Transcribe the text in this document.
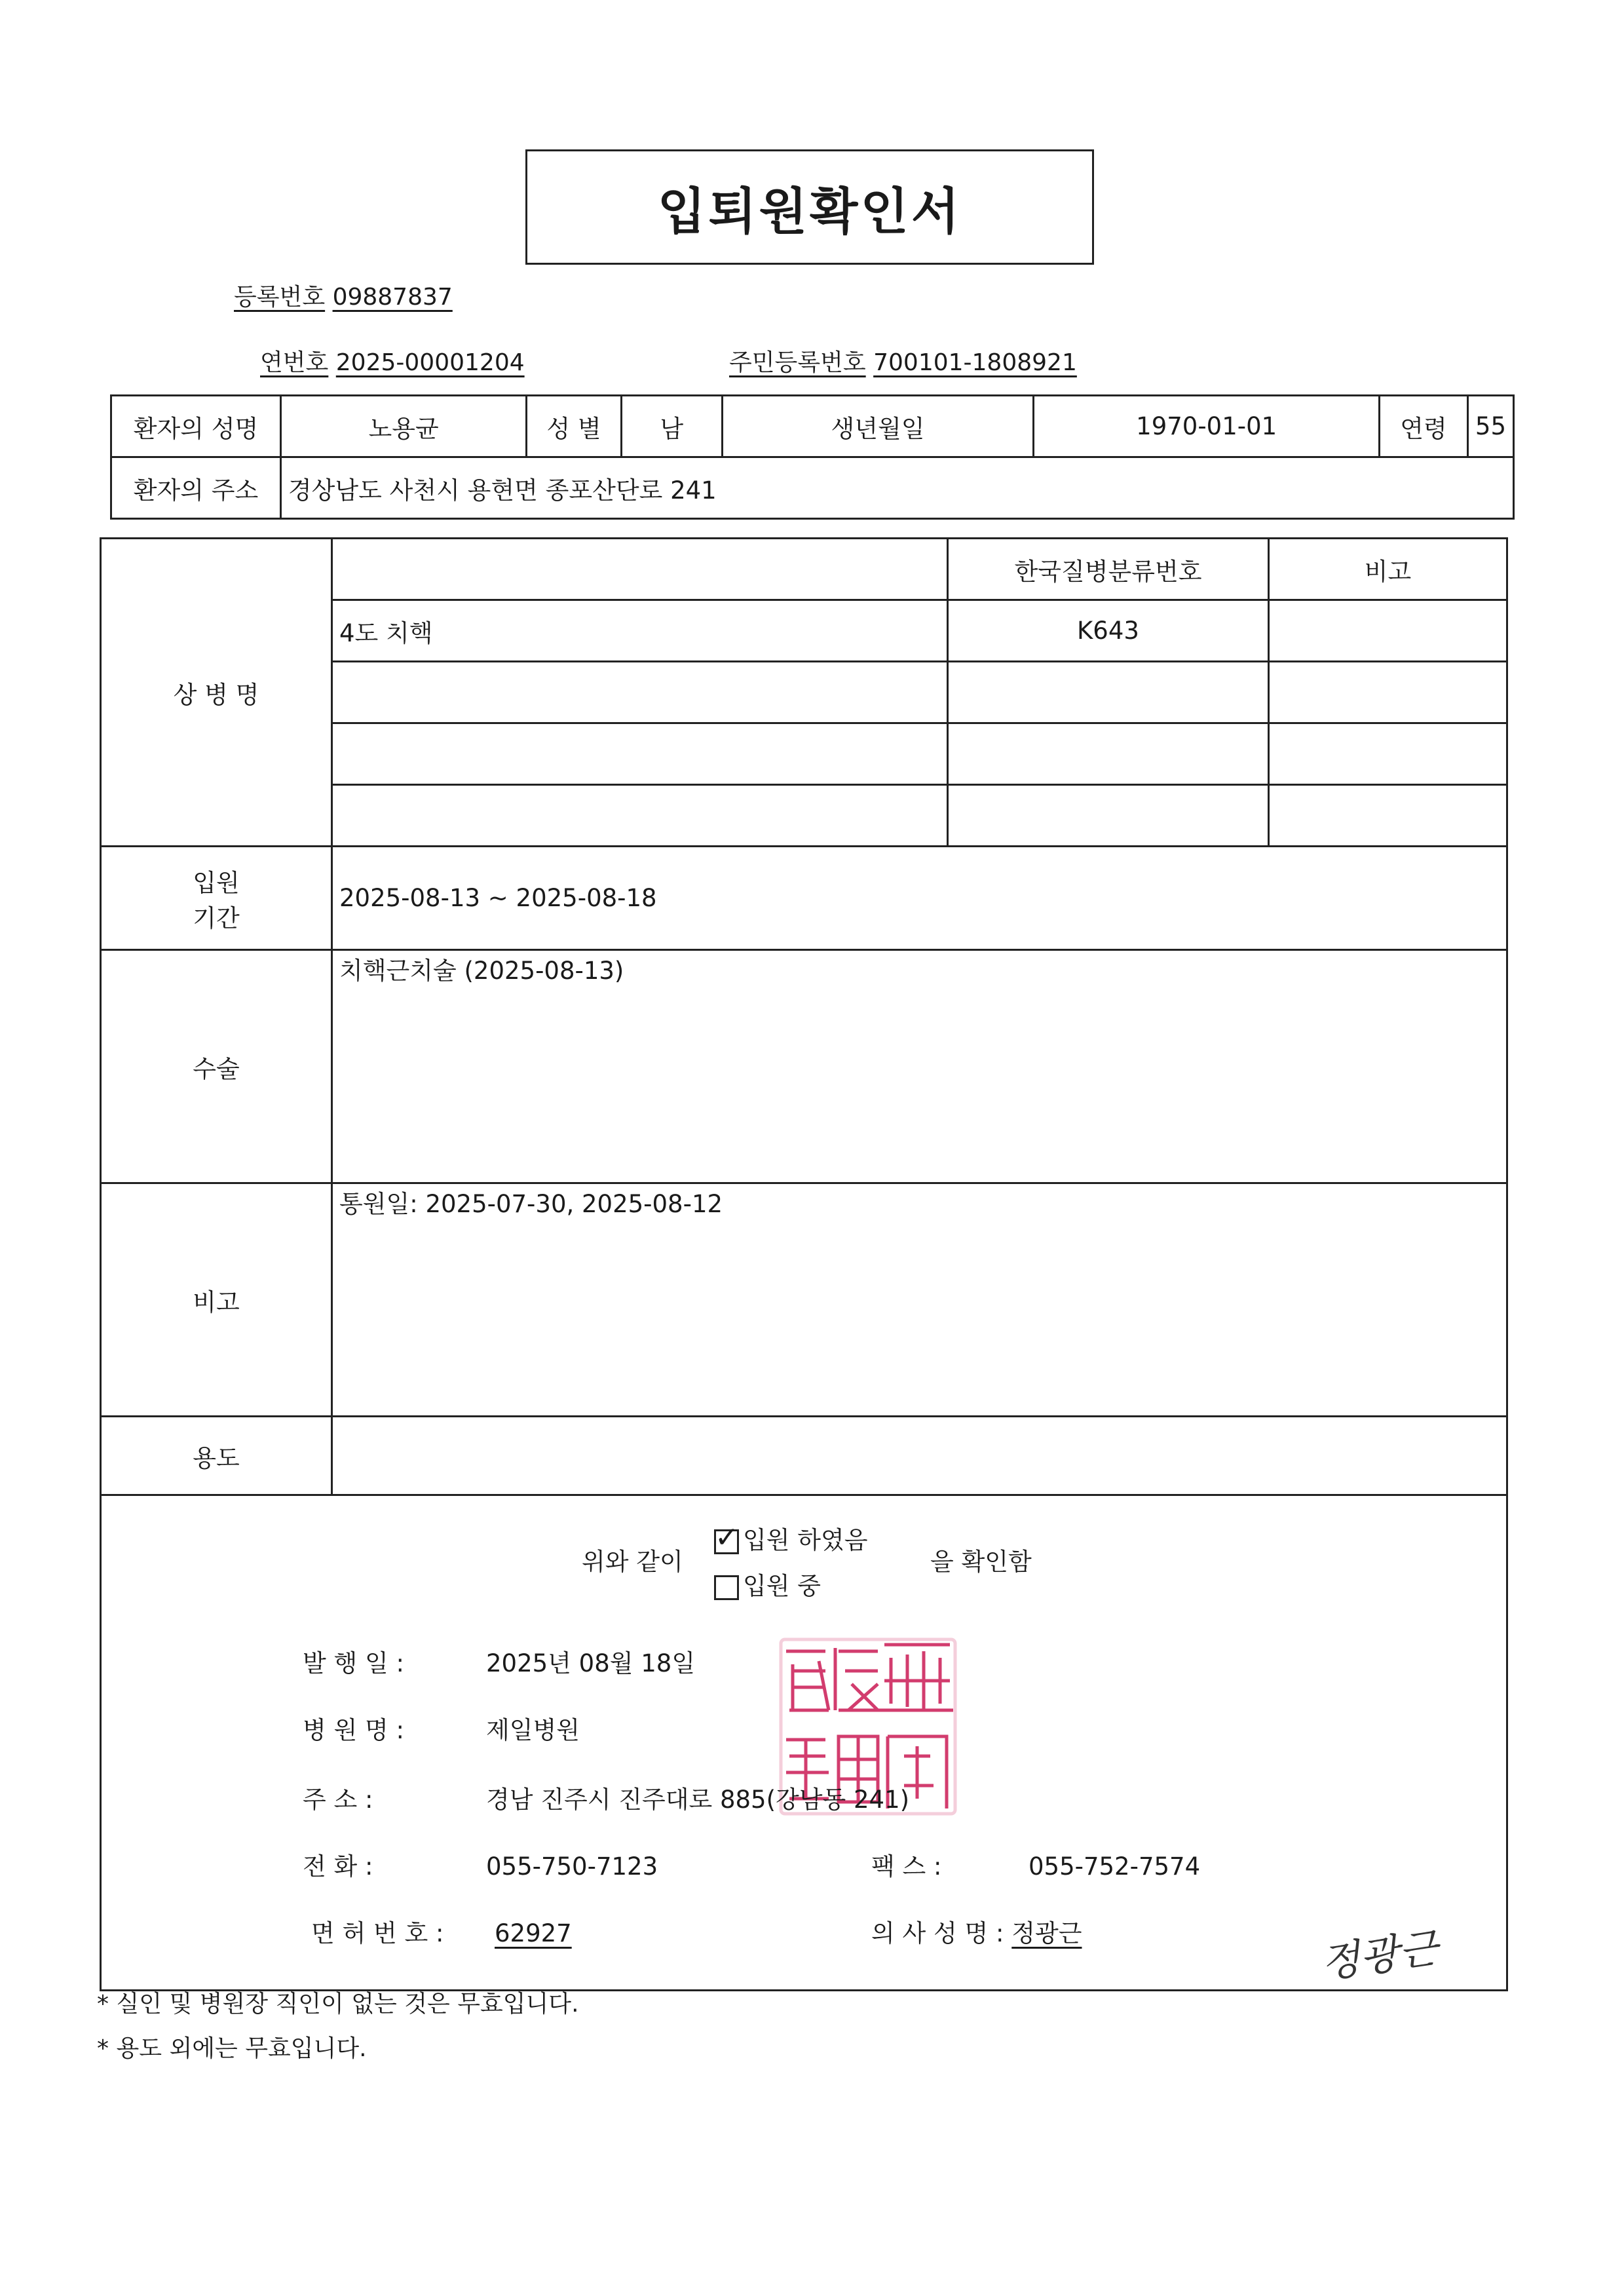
입퇴원확인서
등록번호 09887837
연번호 2025-00001204	주민등록번호 700101-1808921
환자의 성명	노용균	성 별	남	생년월일	1970-01-01	연령	55
환자의 주소	경상남도 사천시 용현면 종포산단로 241						
상 병 명		한국질병분류번호	비고
	4도 치핵	K643	

입원
기간	2025-08-13 ~ 2025-08-18		
수술	치핵근치술 (2025-08-13)		
비고	통원일: 2025-07-30, 2025-08-12		
용도			

위와 같이
✓ 입원 하였음
입원 중
을 확인함
발 행 일 :	2025년 08월 18일
병 원 명 :	제일병원
주 소 :	경남 진주시 진주대로 885(강남동 241)
전 화 :	055-750-7123	팩 스 :	055-752-7574
면 허 번 호 : 62927	의 사 성 명 : 정광근	정광근
* 실인 및 병원장 직인이 없는 것은 무효입니다.
* 용도 외에는 무효입니다.
